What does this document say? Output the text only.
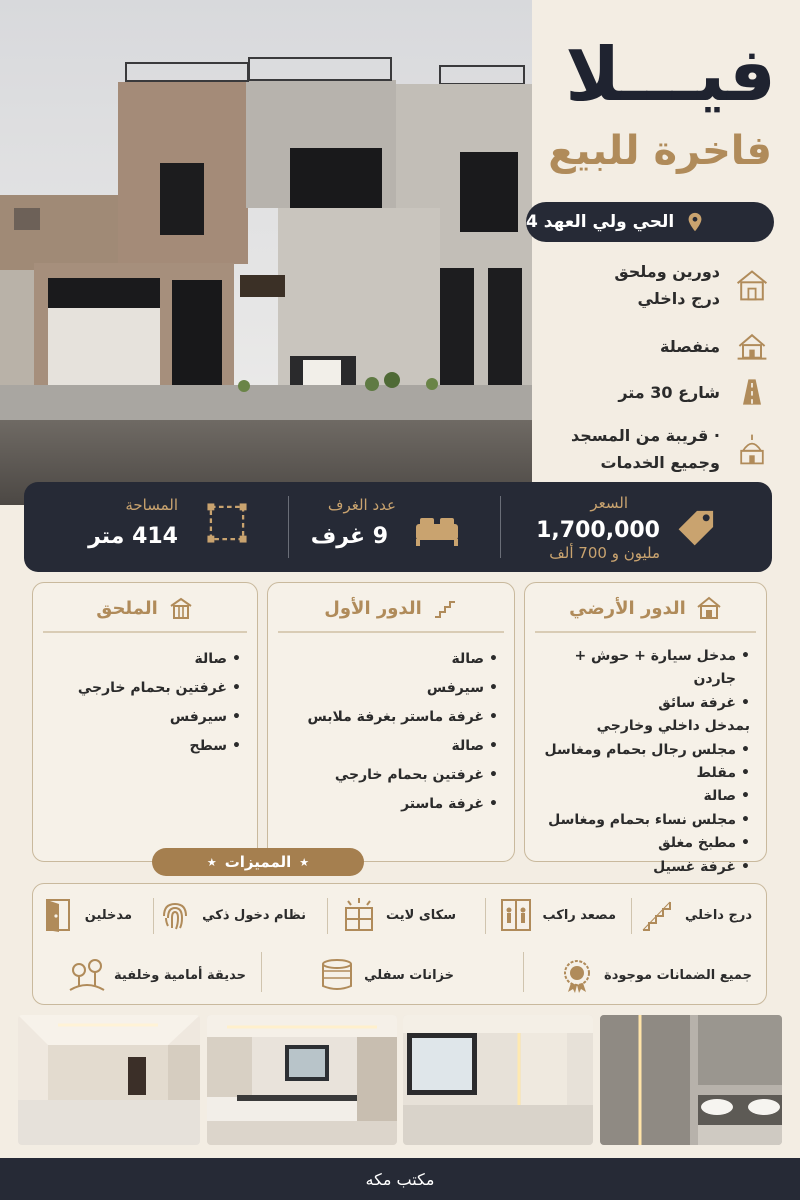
فيـــلا
فاخرة للبيع
الحي ولي العهد 4
دورين وملحق
درج داخلي
منفصلة
شارع 30 متر
· قريبة من المسجد
وجميع الخدمات
السعر
1,700,000
مليون و 700 ألف
عدد الغرف
9 غرف
المساحة
414 متر
الدور الأرضي
• مدخل سيارة + حوش + جاردن
• غرفة سائق
بمدخل داخلي وخارجي
• مجلس رجال بحمام ومغاسل
• مقلط
• صالة
• مجلس نساء بحمام ومغاسل
• مطبخ مغلق
• غرفة غسيل
•
الدور الأول
• صالة
• سيرفس
• غرفة ماستر بغرفة ملابس
• صالة
• غرفتين بحمام خارجي
• غرفة ماستر
الملحق
• صالة
• غرفتين بحمام خارجي
• سيرفس
• سطح
★
المميزات
★
درج داخلي
مصعد راكب
سكاى لايت
نظام دخول ذكي
مدخلين
جميع الضمانات موجودة
خزانات سفلي
حديقة أمامية وخلفية
مكتب مكه
